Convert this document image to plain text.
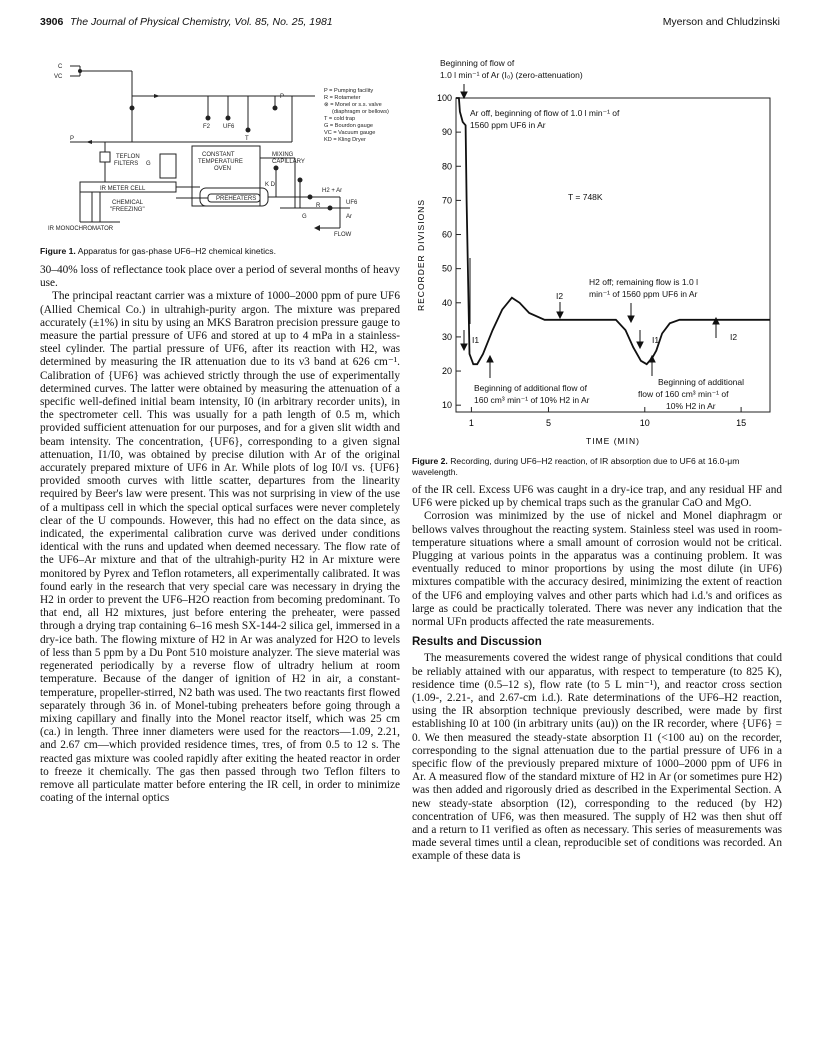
3906 The Journal of Physical Chemistry, Vol. 85, No. 25, 1981	Myerson and Chludzinski
C
VC
F2 UF6
T
P
P
CONSTANT
TEMPERATURE
OVEN
MIXING
CAPILLARY
TEFLON
FILTERS G
IR METER CELL
CHEMICAL
"FREEZING"
PREHEATERS
K D
H2 + Ar
R	UF6
Ar
G
IR MONOCHROMATOR
FLOW
P = Pumping facility
R = Rotameter
⊗ = Monel or s.s. valve
(diaphragm or bellows)
T = cold trap
G = Bourdon gauge
VC = Vacuum gauge
KD = Kling Dryer
Figure 1. Apparatus for gas-phase UF6–H2 chemical kinetics.

30–40% loss of reflectance took place over a period of several months of heavy use.

The principal reactant carrier was a mixture of 1000–2000 ppm of pure UF6 (Allied Chemical Co.) in ultrahigh-purity argon. The mixture was prepared accurately (±1%) in situ by using an MKS Baratron precision pressure gauge to measure the partial pressure of UF6 and stored at up to 4 mPa in a stainless-steel cylinder. The partial pressure of UF6, after its reaction with H2, was determined by measuring the IR attenuation due to its ν3 band at 626 cm⁻¹. Calibration of {UF6} was achieved strictly through the use of experimentally determined curves. The latter were obtained by measuring the attenuation of a specific well-defined initial beam intensity, I0 (in arbitrary recorder units), in the spectrometer cell. This was usually for a path length of 0.5 m, which provided sufficient attenuation for our purposes, and for a given slit width and beam intensity. The concentration, {UF6}, corresponding to a given signal attenuation, I1/I0, was obtained by precise dilution with Ar of the original accurately prepared mixture of UF6 in Ar. While plots of log I0/I vs. {UF6} provided smooth curves with little scatter, departures from the linearity required by Beer's law were present. This was not surprising in view of the use of a multipass cell in which the special optical surfaces were never completely clear of the U compounds. However, this had no effect on the data since, as indicated, the experimental calibration curve was derived under conditions identical with the runs and updated when deemed necessary. The flow rate of the UF6–Ar mixture and that of the ultrahigh-purity H2 in Ar mixture were monitored by Pyrex and Teflon rotameters, all experimentally calibrated. It was found early in the research that very special care was necessary in drying the H2 in order to prevent the UF6–H2O reaction from becoming predominant. To that end, all H2 mixtures, just before entering the preheater, were passed through a drying trap containing 6–16 mesh SX-144-2 silica gel, immersed in a dry-ice bath. The flowing mixture of H2 in Ar was analyzed for H2O to levels of less than 5 ppm by a Du Pont 510 moisture analyzer. The sieve material was regenerated periodically by a reverse flow of ultradry helium at room temperature. Because of the danger of ignition of H2 in air, a constant-temperature, propeller-stirred, N2 bath was used. The two reactants first flowed separately through 36 in. of Monel-tubing preheaters before going through a mixing capillary and finally into the Monel reactor itself, which was 25 cm (ca.) in length. Three inner diameters were used for the reactors—1.09, 2.21, and 2.67 cm—which provided residence times, τres, of from 0.5 to 12 s. The reacted gas mixture was cooled rapidly after exiting the heated reactor in order to freeze it chemically. The gas then passed through two Teflon filters to remove all particulate matter before entering the IR cell, in order to minimize coating of the internal optics

10
20
30
40
50
60
70
80
90
100
1	5	10	15
RECORDER DIVISIONS
TIME (MIN)
Beginning of flow of
1.0 l min⁻¹ of Ar (I₀) (zero-attenuation)
Ar off, beginning of flow of 1.0 l min⁻¹ of
1560 ppm UF6 in Ar
T = 748K
H2 off; remaining flow is 1.0 l
min⁻¹ of 1560 ppm UF6 in Ar
I1
I2
I1	I2
Beginning of additional flow of
160 cm³ min⁻¹ of 10% H2 in Ar
Beginning of additional
flow of 160 cm³ min⁻¹ of
10% H2 in Ar
Figure 2. Recording, during UF6–H2 reaction, of IR absorption due to UF6 at 16.0-μm wavelength.

of the IR cell. Excess UF6 was caught in a dry-ice trap, and any residual HF and UF6 were picked up by chemical traps such as the granular CaO and MgO.

Corrosion was minimized by the use of nickel and Monel diaphragm or bellows valves throughout the reacting system. Stainless steel was used in room-temperature situations where a small amount of corrosion would not be critical. Plugging at various points in the apparatus was a continuing problem. It was eventually reduced to minor proportions by using the most dilute (in UF6) mixtures compatible with the accuracy desired, minimizing the extent of reaction of the UF6 and employing valves and other parts which had i.d.'s and orifices as large as could be practically tolerated. There was never any indication that the normal UFn products affected the rate measurements.

Results and Discussion

The measurements covered the widest range of physical conditions that could be reliably attained with our apparatus, with respect to temperature (to 825 K), residence time (0.5–12 s), flow rate (to 5 L min⁻¹), and reactor cross section (1.09-, 2.21-, and 2.67-cm i.d.). Rate determinations of the UF6–H2 reaction, using the IR absorption technique previously described, were made by first establishing I0 at 100 (in arbitrary units (au)) on the IR recorder, where {UF6} = 0. We then measured the steady-state absorption I1 (<100 au) on the recorder, corresponding to the signal attenuation due to the partial pressure of UF6 in a specific flow of the previously prepared mixture of 1000–2000 ppm of UF6 in Ar. A measured flow of the standard mixture of H2 in Ar (or sometimes pure H2) was then added and rigorously dried as described in the Experimental Section. A new steady-state absorption (I2), corresponding to the reduced (by H2) concentration of UF6, was then measured. The supply of H2 was then shut off and a return to I1 verified as often as necessary. This series of measurements was made several times until a clean, reproducible set of conditions was recorded. An example of these data is
